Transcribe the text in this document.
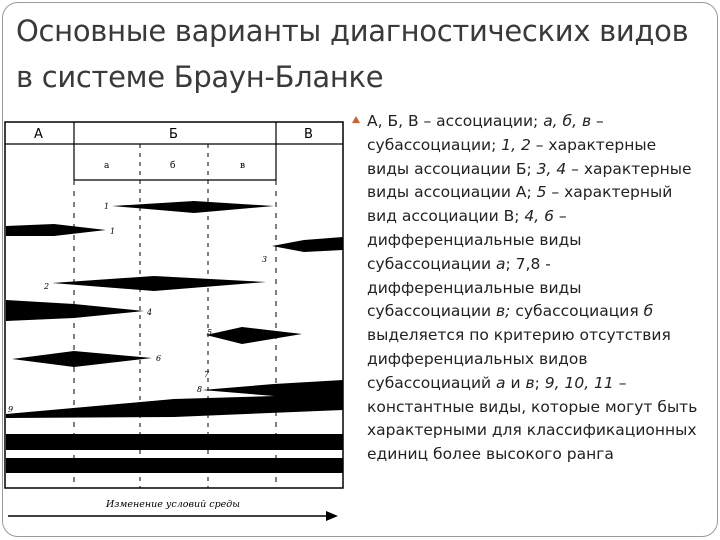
Основные варианты диагностических видов в системе Браун-Бланке
А	Б	В
а	б	в
1
1
2
3
4
5
6
7
8
9
Изменение условий среды

А, Б, В – ассоциации; а, б, в – субассоциации; 1, 2 – характерные виды ассоциации Б; 3, 4 – характерные виды ассоциации А; 5 – характерный вид ассоциации В; 4, 6 – дифференциальные виды субассоциации а; 7,8 - дифференциальные виды субассоциации в; субассоциация б выделяется по критерию отсутствия дифференциальных видов субассоциаций а и в; 9, 10, 11 – константные виды, которые могут быть характерными для классификационных единиц более высокого ранга
